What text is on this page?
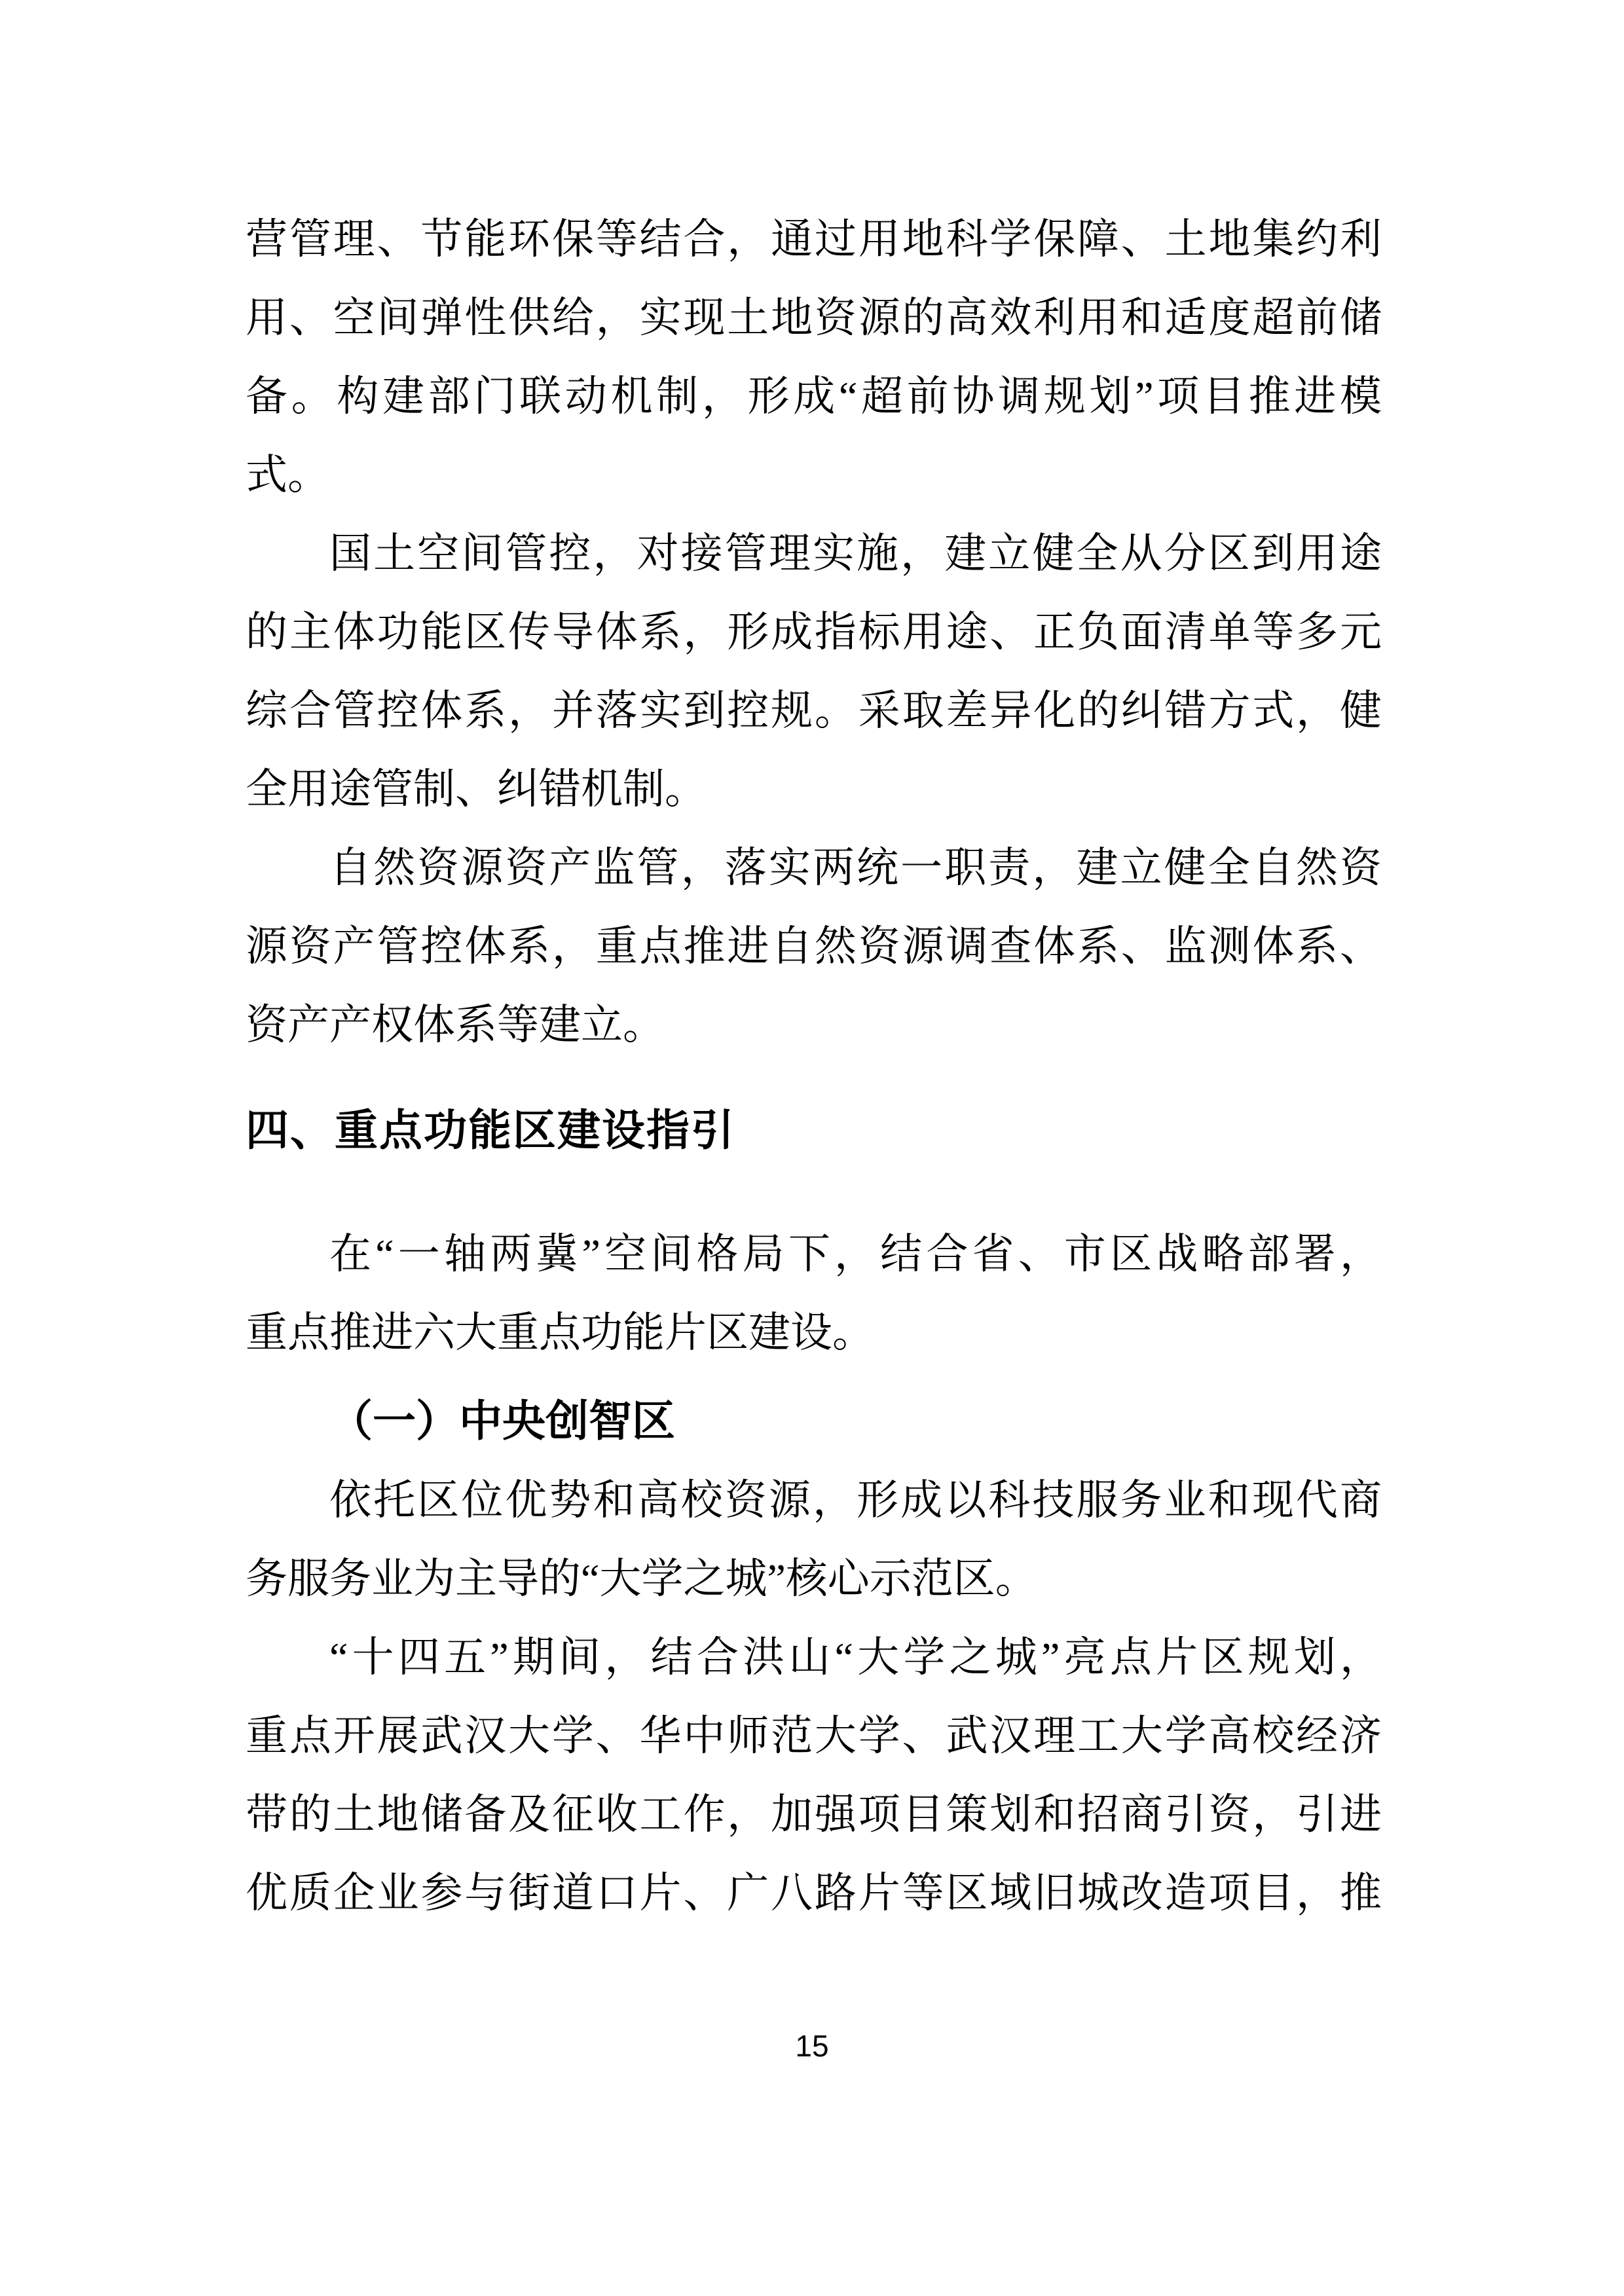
营管理、节能环保等结合，通过用地科学保障、土地集约利
用、空间弹性供给，实现土地资源的高效利用和适度超前储
备。构建部门联动机制，形成“超前协调规划”项目推进模
式。
国土空间管控，对接管理实施，建立健全从分区到用途
的主体功能区传导体系，形成指标用途、正负面清单等多元
综合管控体系，并落实到控规。采取差异化的纠错方式，健
全用途管制、纠错机制。
自然资源资产监管，落实两统一职责，建立健全自然资
源资产管控体系，重点推进自然资源调查体系、监测体系、
资产产权体系等建立。
四、重点功能区建设指引
在“一轴两冀”空间格局下，结合省、市区战略部署，
重点推进六大重点功能片区建设。
（一）中央创智区
依托区位优势和高校资源，形成以科技服务业和现代商
务服务业为主导的“大学之城”核心示范区。
“十四五”期间，结合洪山“大学之城”亮点片区规划，
重点开展武汉大学、华中师范大学、武汉理工大学高校经济
带的土地储备及征收工作，加强项目策划和招商引资，引进
优质企业参与街道口片、广八路片等区域旧城改造项目，推
15
